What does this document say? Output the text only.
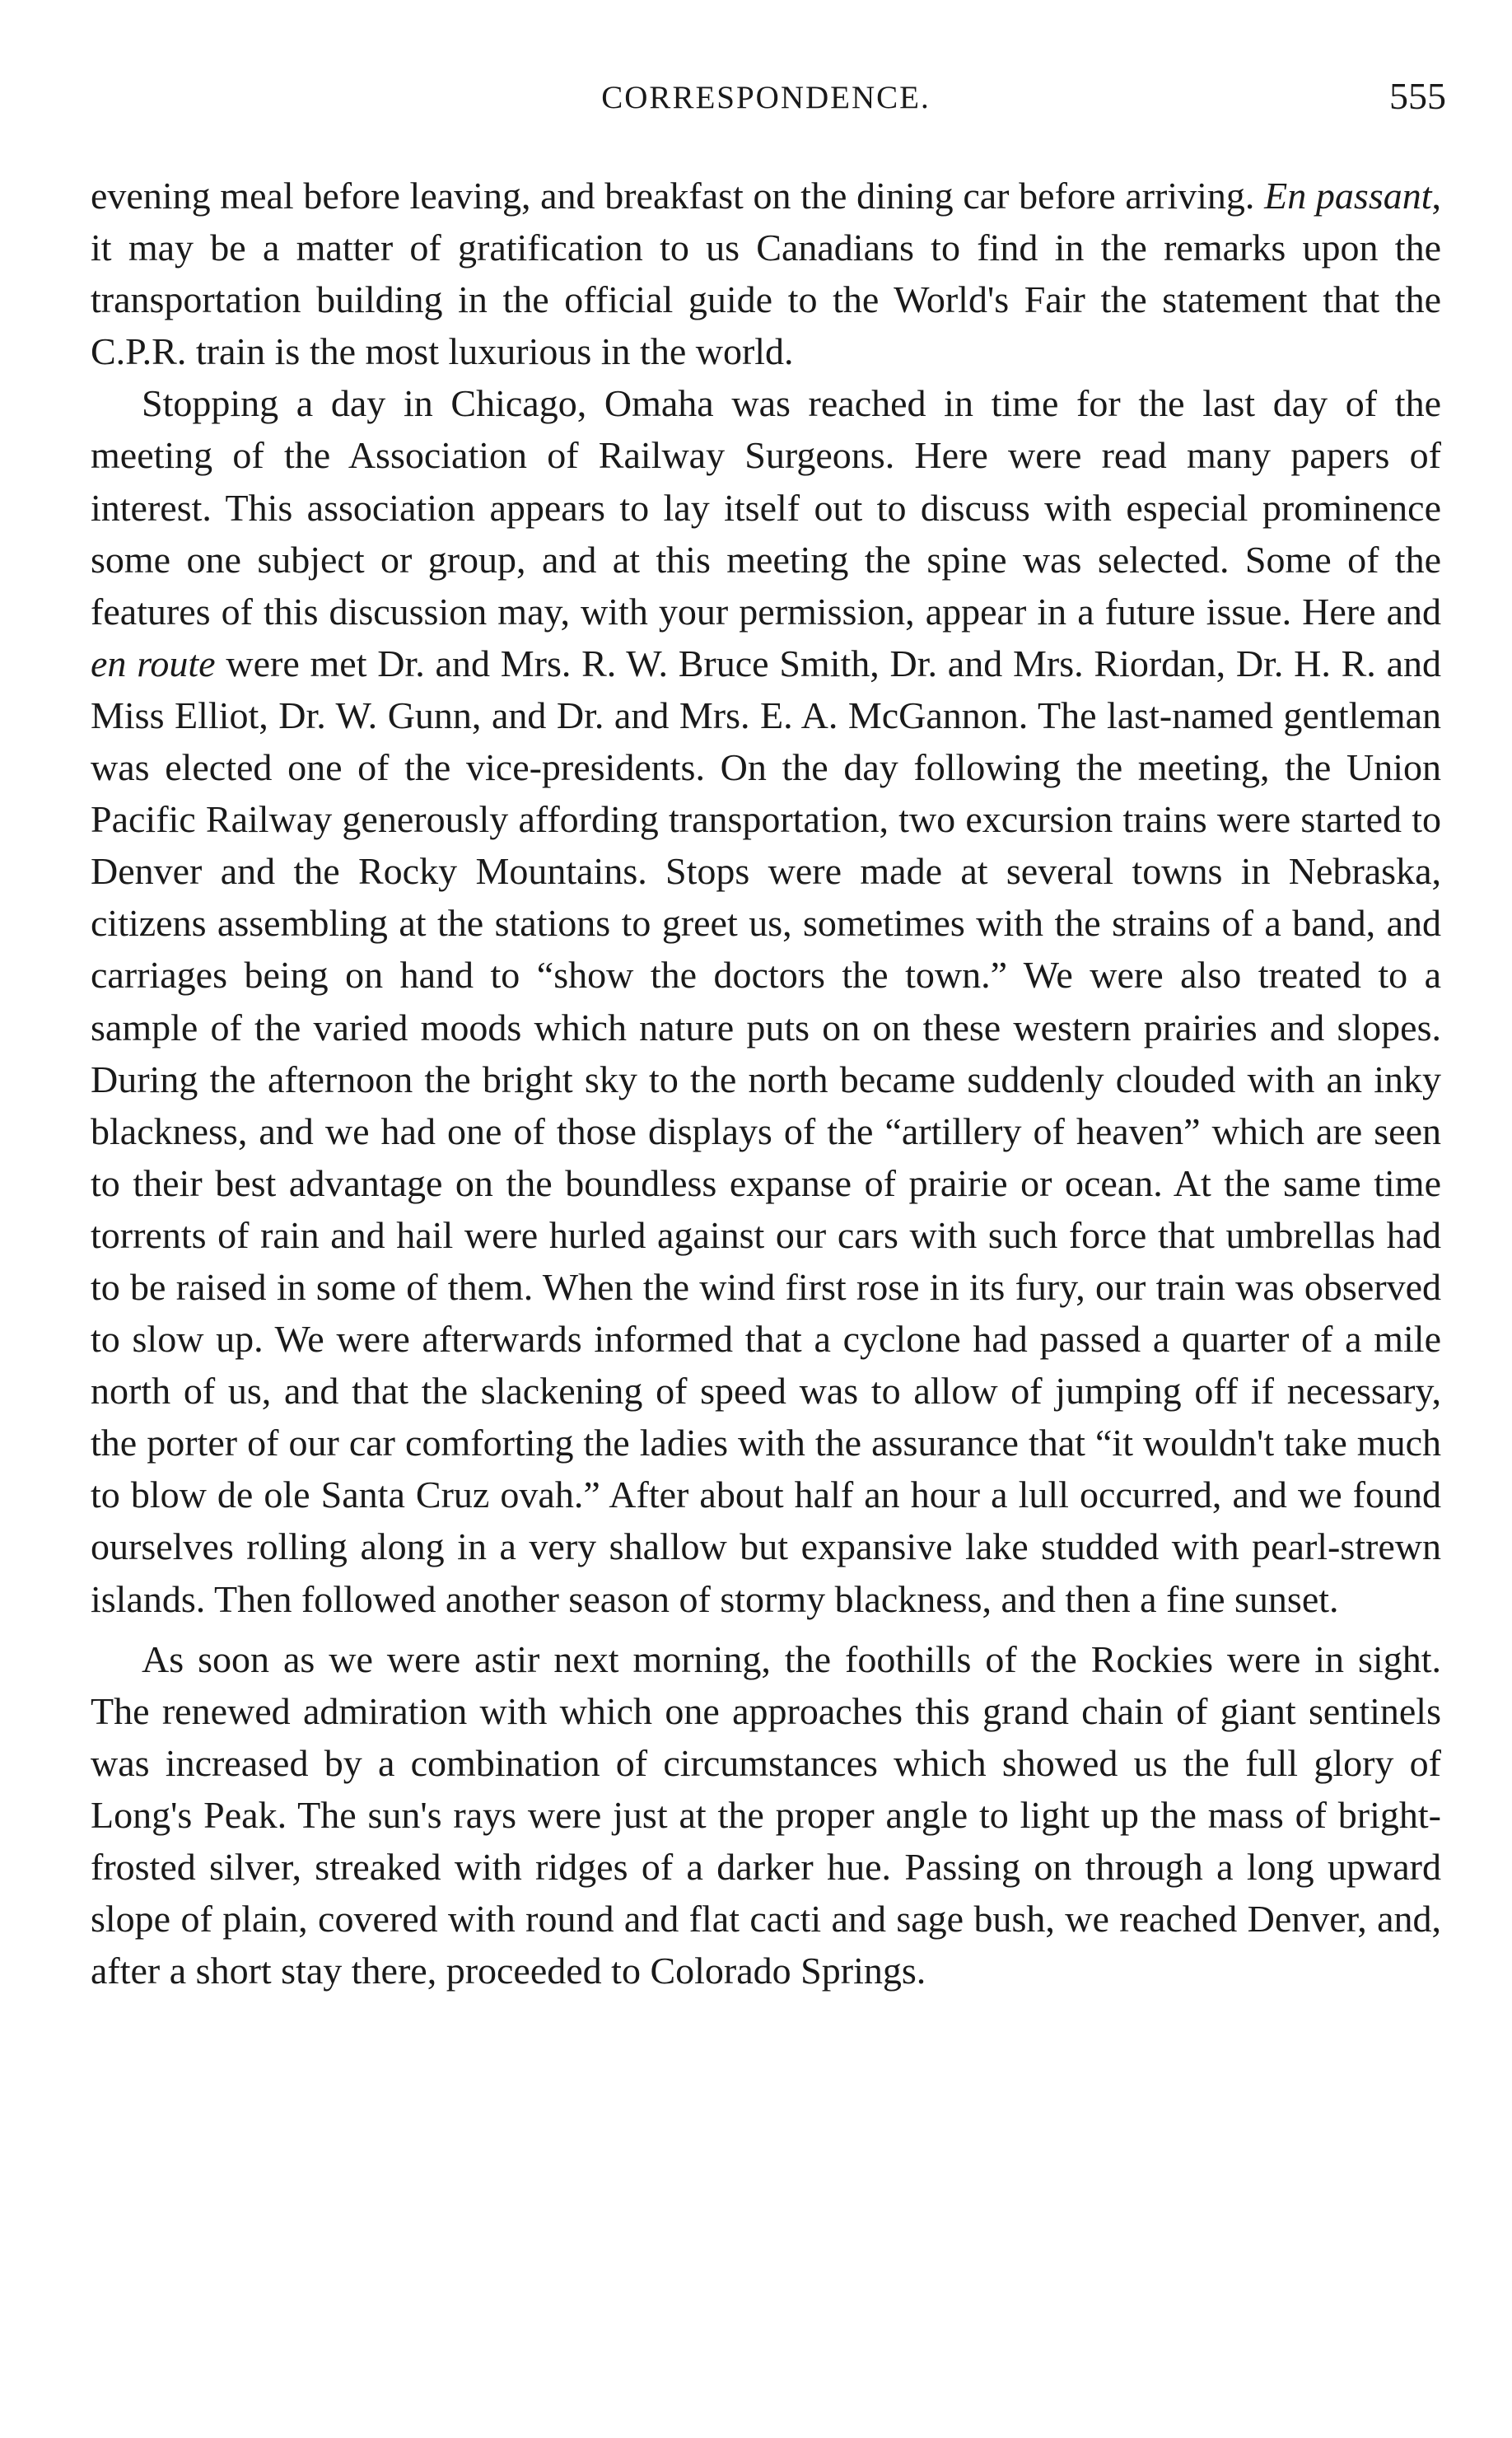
CORRESPONDENCE.	555

evening meal before leaving, and breakfast on the dining car before arriving. En passant, it may be a matter of gratification to us Canadians to find in the remarks upon the transportation building in the official guide to the World's Fair the statement that the C.P.R. train is the most luxurious in the world.

Stopping a day in Chicago, Omaha was reached in time for the last day of the meeting of the Association of Railway Surgeons. Here were read many papers of interest. This association appears to lay itself out to discuss with especial prominence some one subject or group, and at this meeting the spine was selected. Some of the features of this discussion may, with your permission, appear in a future issue. Here and en route were met Dr. and Mrs. R. W. Bruce Smith, Dr. and Mrs. Riordan, Dr. H. R. and Miss Elliot, Dr. W. Gunn, and Dr. and Mrs. E. A. McGannon. The last-named gentleman was elected one of the vice-presidents. On the day following the meeting, the Union Pacific Railway generously affording transportation, two excursion trains were started to Denver and the Rocky Mountains. Stops were made at several towns in Nebraska, citizens assembling at the stations to greet us, sometimes with the strains of a band, and carriages being on hand to “show the doctors the town.” We were also treated to a sample of the varied moods which nature puts on on these western prairies and slopes. During the afternoon the bright sky to the north became suddenly clouded with an inky blackness, and we had one of those displays of the “artillery of heaven” which are seen to their best advantage on the boundless expanse of prairie or ocean. At the same time torrents of rain and hail were hurled against our cars with such force that umbrellas had to be raised in some of them. When the wind first rose in its fury, our train was observed to slow up. We were afterwards informed that a cyclone had passed a quarter of a mile north of us, and that the slackening of speed was to allow of jumping off if necessary, the porter of our car comforting the ladies with the assurance that “it wouldn't take much to blow de ole Santa Cruz ovah.” After about half an hour a lull occurred, and we found ourselves rolling along in a very shallow but expansive lake studded with pearl-strewn islands. Then followed another season of stormy blackness, and then a fine sunset.

As soon as we were astir next morning, the foothills of the Rockies were in sight. The renewed admiration with which one approaches this grand chain of giant sentinels was increased by a combination of circumstances which showed us the full glory of Long's Peak. The sun's rays were just at the proper angle to light up the mass of bright-frosted silver, streaked with ridges of a darker hue. Passing on through a long upward slope of plain, covered with round and flat cacti and sage bush, we reached Denver, and, after a short stay there, proceeded to Colorado Springs.
